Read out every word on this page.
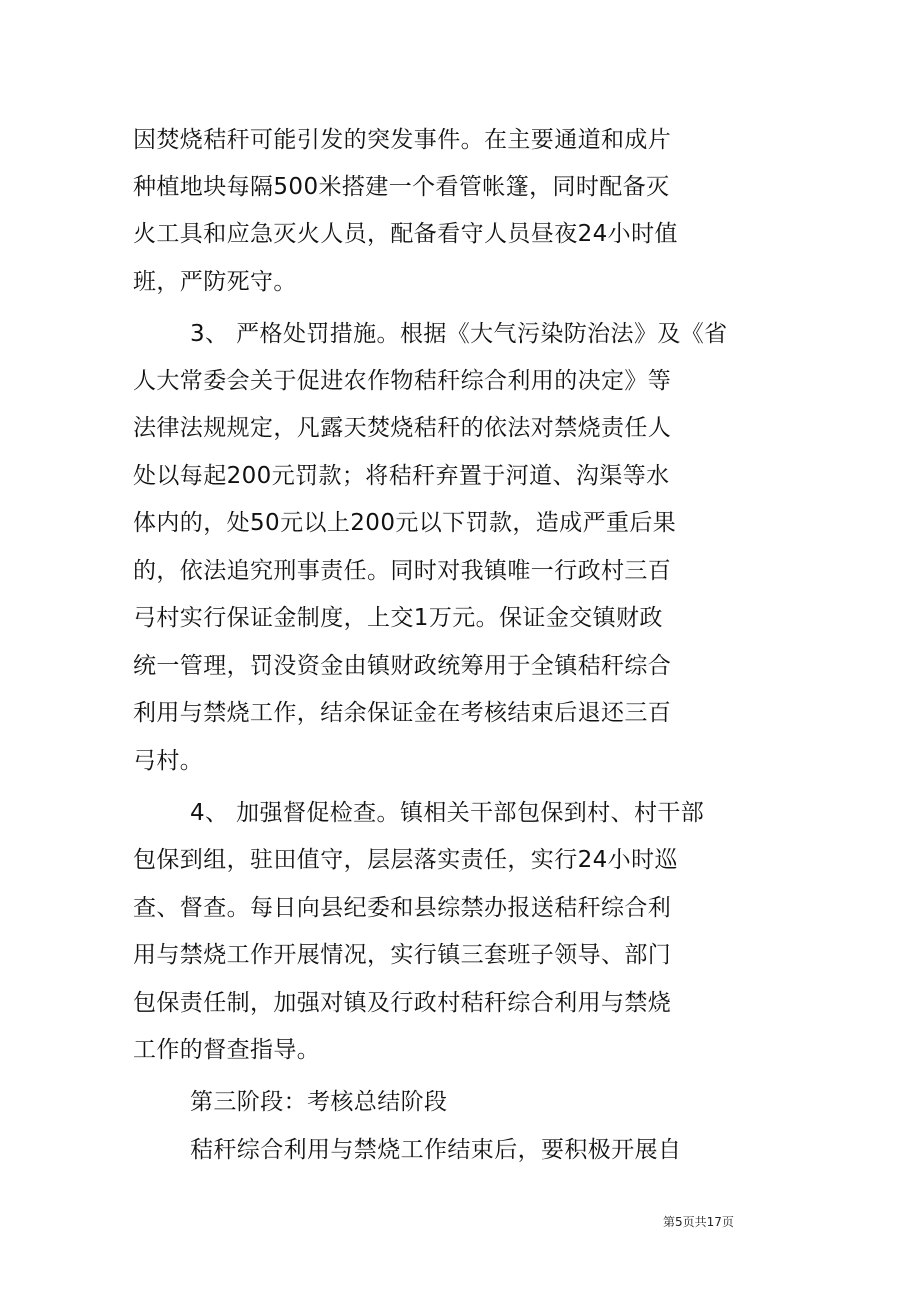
因焚烧秸秆可能引发的突发事件。在主要通道和成片
种植地块每隔500米搭建一个看管帐篷，同时配备灭
火工具和应急灭火人员，配备看守人员昼夜24小时值
班，严防死守。
3、 严格处罚措施。根据《大气污染防治法》及《省
人大常委会关于促进农作物秸秆综合利用的决定》等
法律法规规定，凡露天焚烧秸秆的依法对禁烧责任人
处以每起200元罚款；将秸秆弃置于河道、沟渠等水
体内的，处50元以上200元以下罚款，造成严重后果
的，依法追究刑事责任。同时对我镇唯一行政村三百
弓村实行保证金制度，上交1万元。保证金交镇财政
统一管理，罚没资金由镇财政统筹用于全镇秸秆综合
利用与禁烧工作，结余保证金在考核结束后退还三百
弓村。
4、 加强督促检查。镇相关干部包保到村、村干部
包保到组，驻田值守，层层落实责任，实行24小时巡
查、督查。每日向县纪委和县综禁办报送秸秆综合利
用与禁烧工作开展情况，实行镇三套班子领导、部门
包保责任制，加强对镇及行政村秸秆综合利用与禁烧
工作的督查指导。
第三阶段：考核总结阶段
秸秆综合利用与禁烧工作结束后，要积极开展自
第5页共17页
